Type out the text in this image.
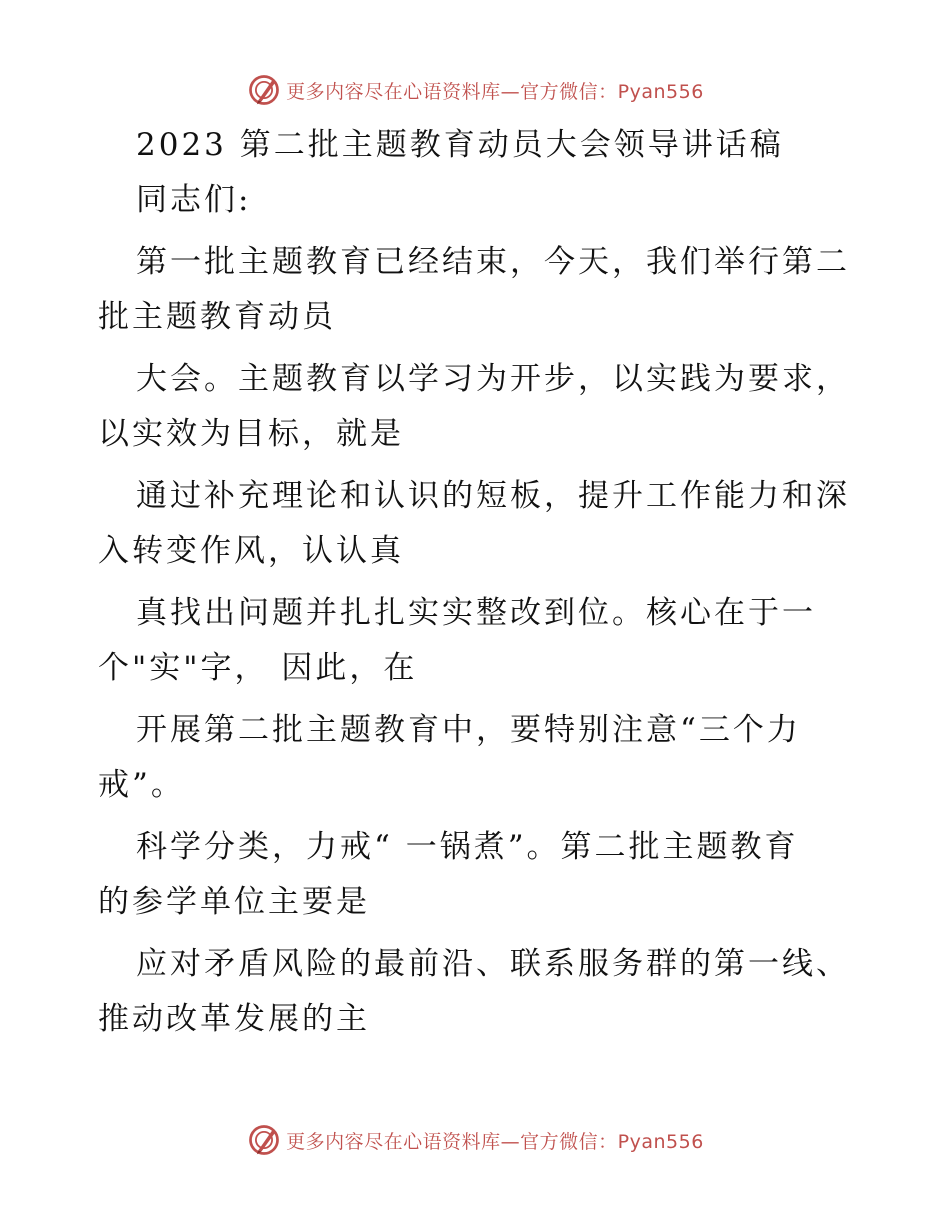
更多内容尽在心语资料库—官方微信：Pyan556
2023 第二批主题教育动员大会领导讲话稿
同志们:
第一批主题教育已经结束，今天，我们举行第二
批主题教育动员
大会。主题教育以学习为开步，以实践为要求，
以实效为目标，就是
通过补充理论和认识的短板，提升工作能力和深
入转变作风，认认真
真找出问题并扎扎实实整改到位。核心在于一
个"实"字， 因此，在
开展第二批主题教育中，要特别注意“三个力
戒”。
科学分类，力戒“ 一锅煮”。第二批主题教育
的参学单位主要是
应对矛盾风险的最前沿、联系服务群的第一线、
推动改革发展的主
更多内容尽在心语资料库—官方微信：Pyan556
